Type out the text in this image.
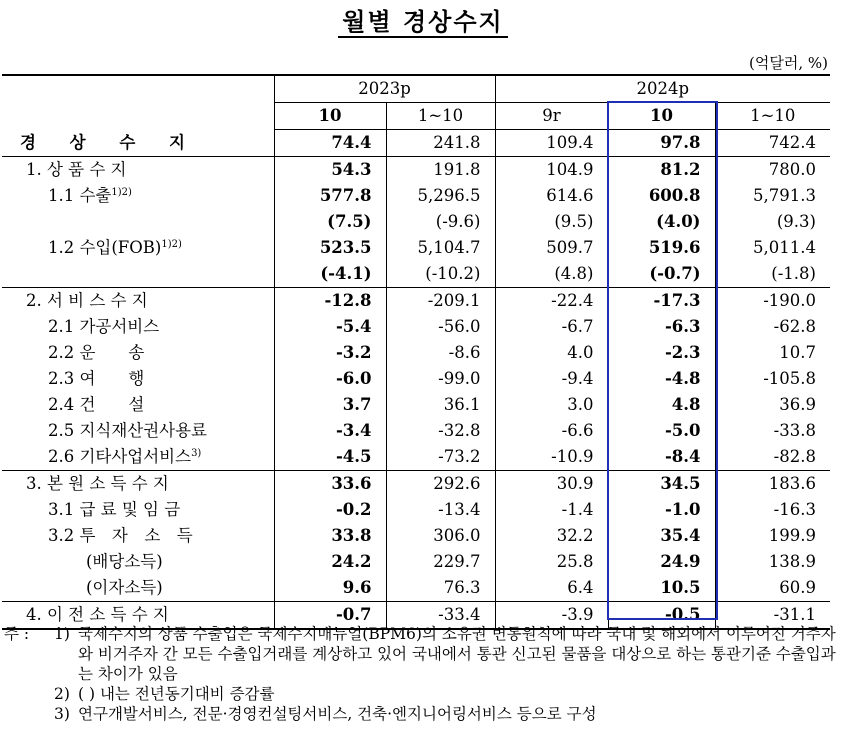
월별 경상수지
(억달러, %)
	2023p		2024p		
	10	1~10	9r	10	1~10
경 상 수 지	74.4	241.8	109.4	97.8	742.4
1. 상 품 수 지	54.3	191.8	104.9	81.2	780.0
1.1 수출$^{1)2)}$	577.8	5,296.5	614.6	600.8	5,791.3
	(7.5)	(-9.6)	(9.5)	(4.0)	(9.3)
1.2 수입(FOB)$^{1)2)}$	523.5	5,104.7	509.7	519.6	5,011.4
	(-4.1)	(-10.2)	(4.8)	(-0.7)	(-1.8)
2. 서 비 스 수 지	-12.8	-209.1	-22.4	-17.3	-190.0
2.1 가공서비스	-5.4	-56.0	-6.7	-6.3	-62.8
2.2 운　　송	-3.2	-8.6	4.0	-2.3	10.7
2.3 여　　행	-6.0	-99.0	-9.4	-4.8	-105.8
2.4 건　　설	3.7	36.1	3.0	4.8	36.9
2.5 지식재산권사용료	-3.4	-32.8	-6.6	-5.0	-33.8
2.6 기타사업서비스$^{3)}$	-4.5	-73.2	-10.9	-8.4	-82.8
3. 본 원 소 득 수 지	33.6	292.6	30.9	34.5	183.6
3.1 급 료 및 임 금	-0.2	-13.4	-1.4	-1.0	-16.3
3.2 투　자　소　득	33.8	306.0	32.2	35.4	199.9
(배당소득)	24.2	229.7	25.8	24.9	138.9
(이자소득)	9.6	76.3	6.4	10.5	60.9
4. 이 전 소 득 수 지	-0.7	-33.4	-3.9	-0.5	-31.1
주 :	1) 국제수지의 상품 수출입은 국제수지매뉴얼(BPM6)의 소유권 변동원칙에 따라 국내 및 해외에서 이루어진 거주자와 비거주자 간 모든 수출입거래를 계상하고 있어 국내에서 통관 신고된 물품을 대상으로 하는 통관기준 수출입과는 차이가 있음
2) ( ) 내는 전년동기대비 증감률
3) 연구개발서비스, 전문·경영컨설팅서비스, 건축·엔지니어링서비스 등으로 구성
